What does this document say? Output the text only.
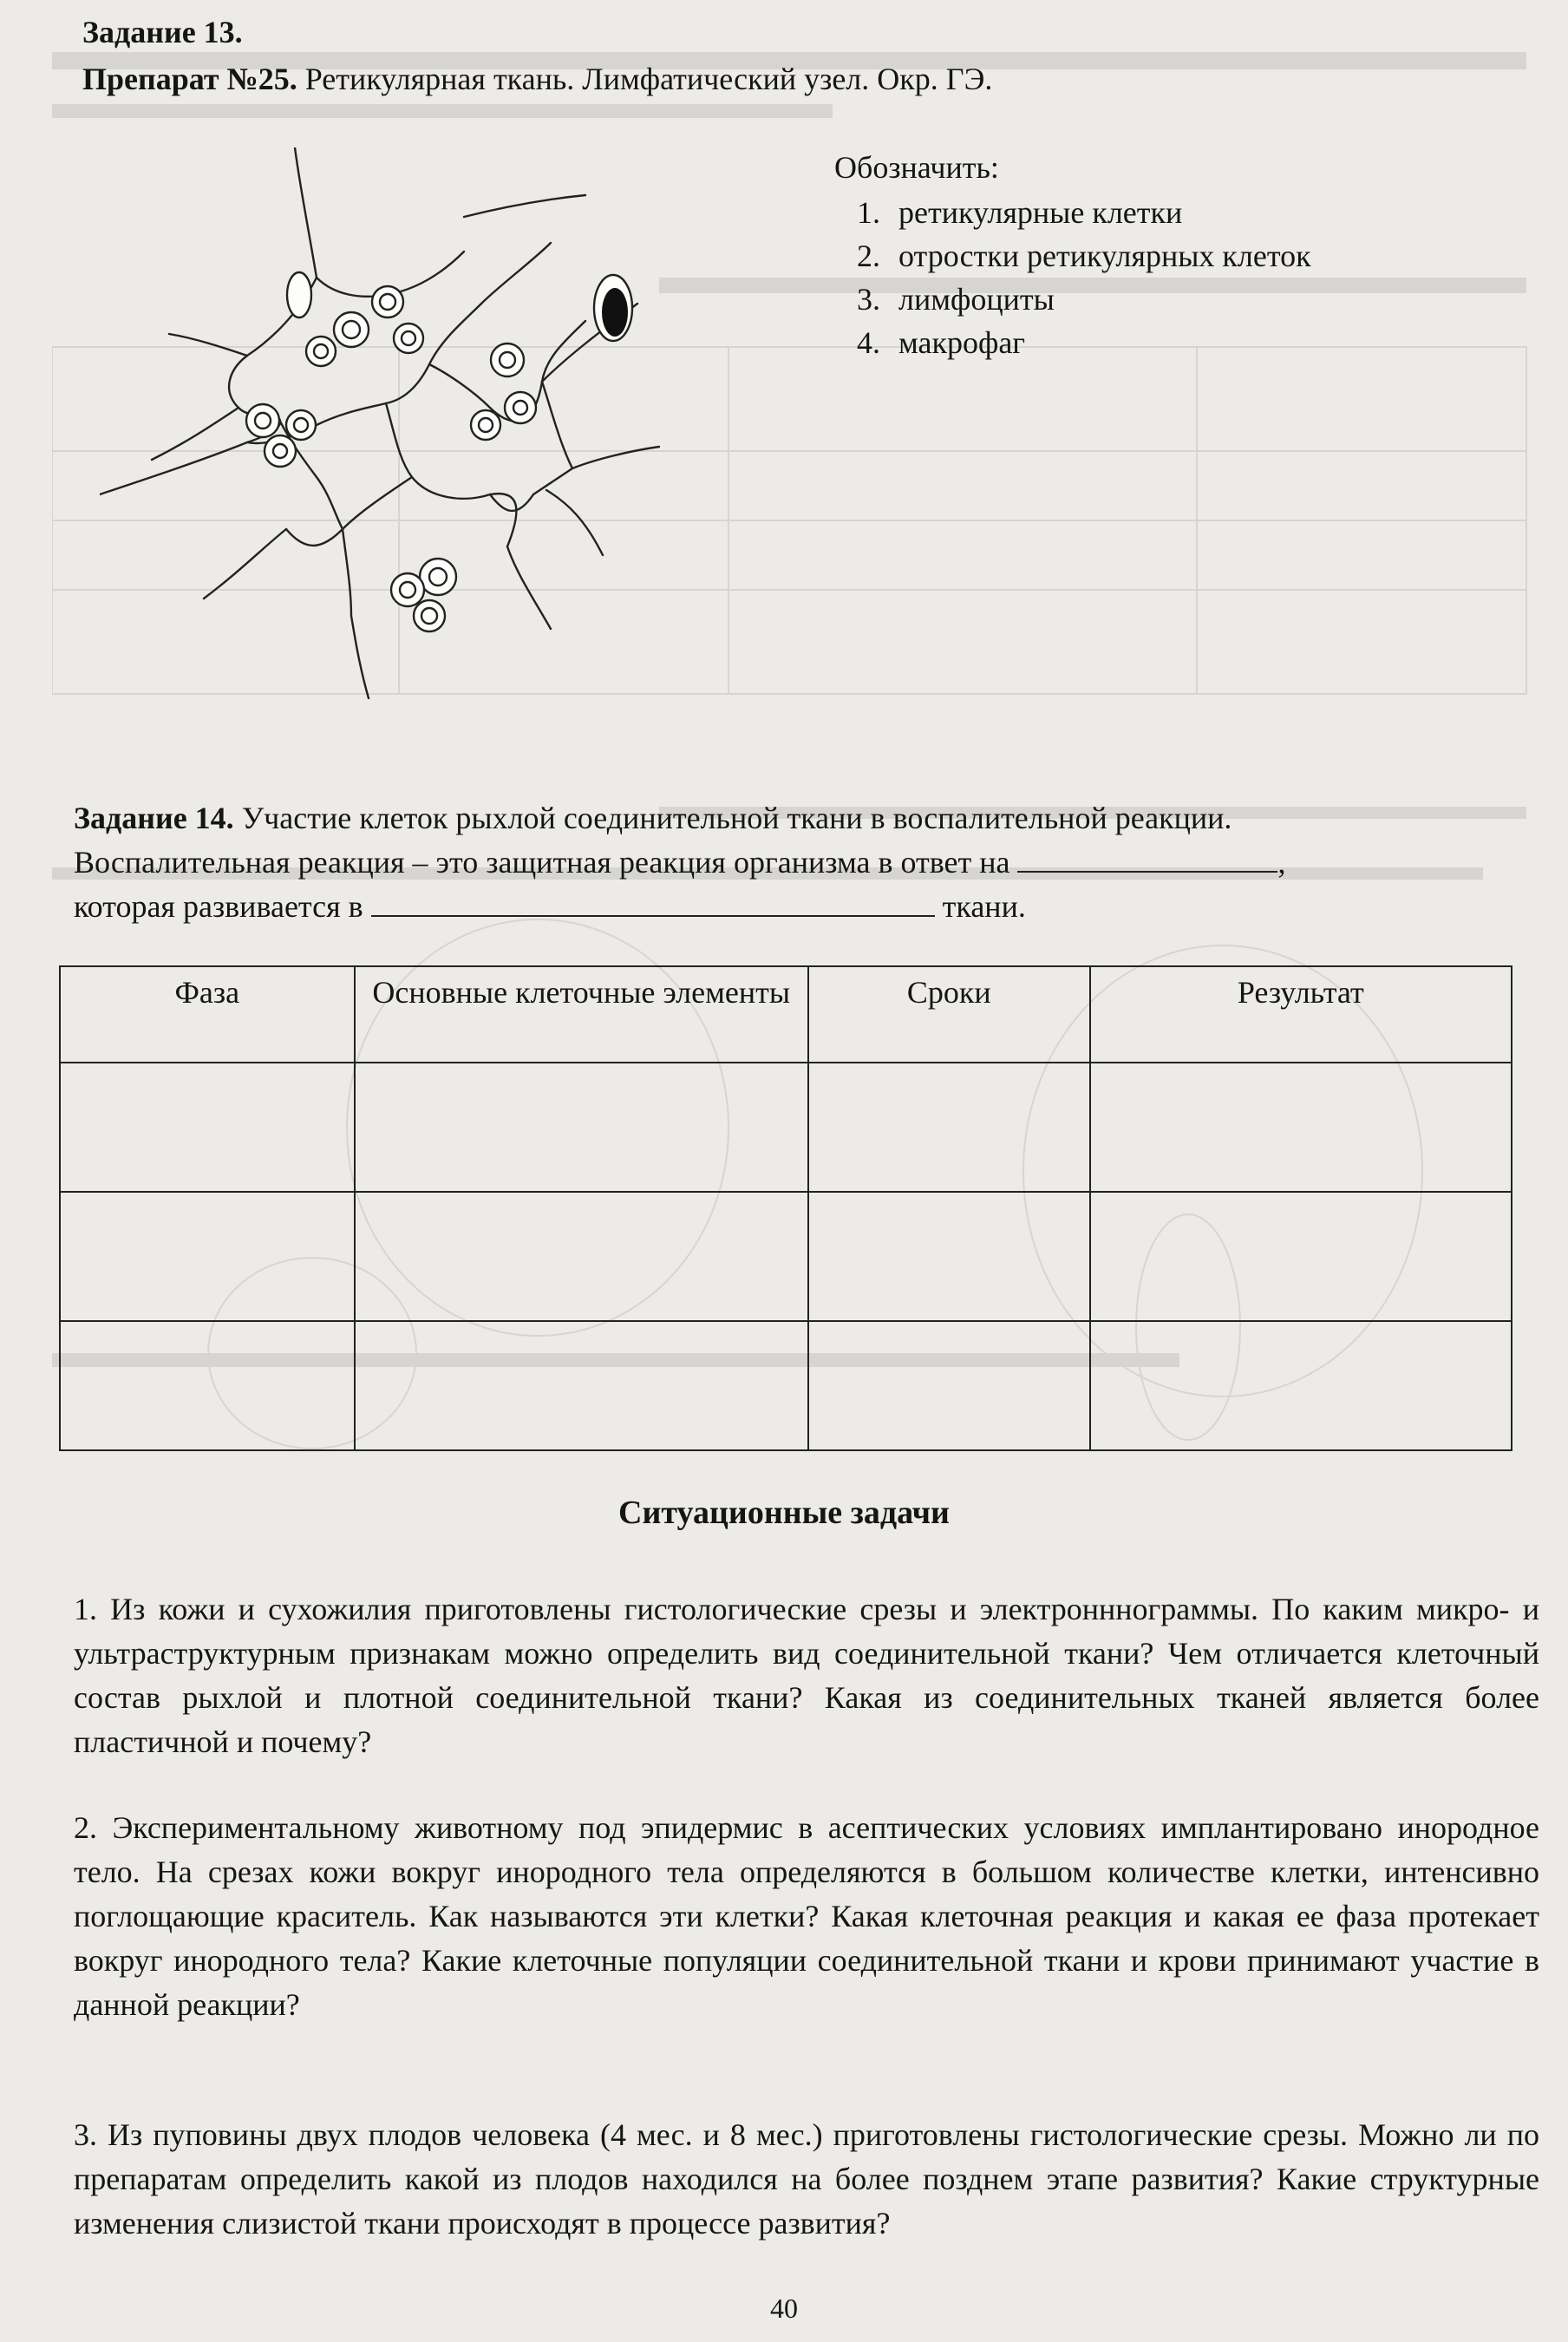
Задание 13.
Препарат №25. Ретикулярная ткань. Лимфатический узел. Окр. ГЭ.
Обозначить:
1. ретикулярные клетки
2. отростки ретикулярных клеток
3. лимфоциты
4. макрофаг
Задание 14. Участие клеток рыхлой соединительной ткани в воспалительной реакции.
Воспалительная реакция – это защитная реакция организма в ответ на	,
которая развивается в	ткани.
Фаза	Основные клеточные элементы	Сроки	Результат

Ситуационные задачи
1. Из кожи и сухожилия приготовлены гистологические срезы и электронннограммы. По каким микро- и ультраструктурным признакам можно определить вид соединительной ткани? Чем отличается клеточный состав рыхлой и плотной соединительной ткани? Какая из соединительных тканей является более пластичной и почему?
2. Экспериментальному животному под эпидермис в асептических условиях имплантировано инородное тело. На срезах кожи вокруг инородного тела определяются в большом количестве клетки, интенсивно поглощающие краситель. Как называются эти клетки? Какая клеточная реакция и какая ее фаза протекает вокруг инородного тела? Какие клеточные популяции соединительной ткани и крови принимают участие в данной реакции?
3. Из пуповины двух плодов человека (4 мес. и 8 мес.) приготовлены гистологические срезы. Можно ли по препаратам определить какой из плодов находился на более позднем этапе развития? Какие структурные изменения слизистой ткани происходят в процессе развития?
40
